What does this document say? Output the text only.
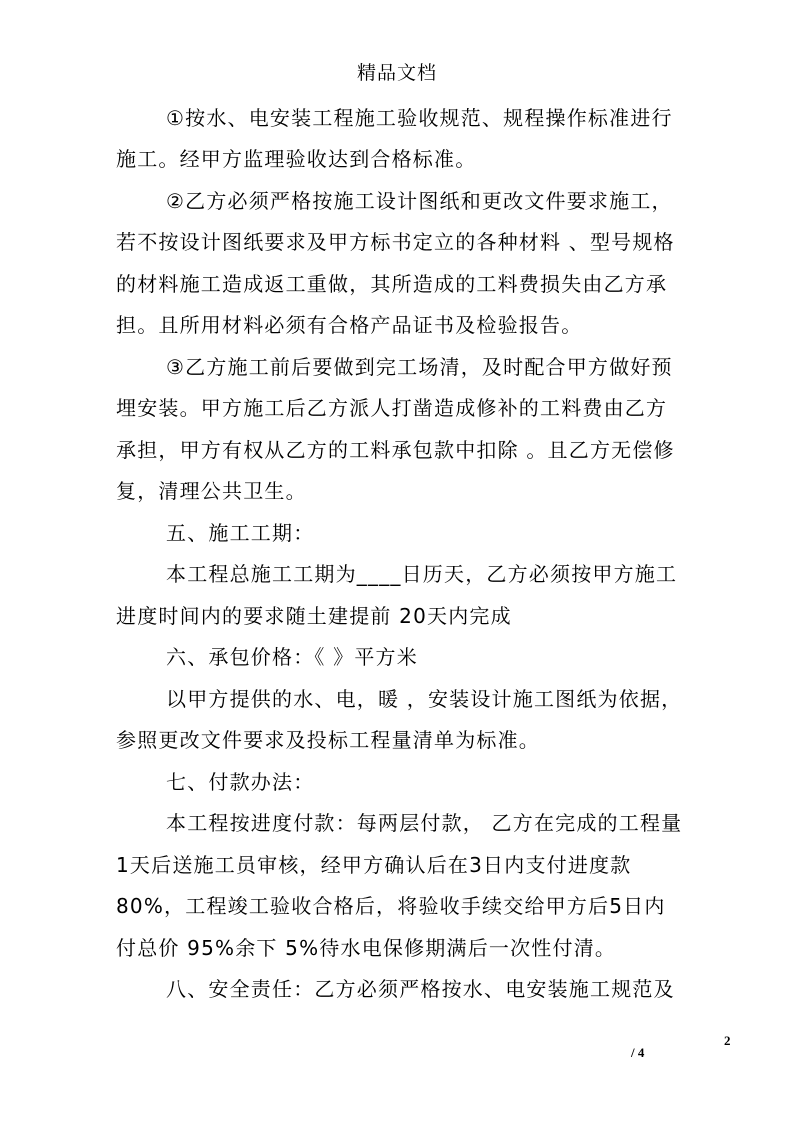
精品文档
①按水、电安装工程施工验收规范、规程操作标准进行
施工。经甲方监理验收达到合格标准。
②乙方必须严格按施工设计图纸和更改文件要求施工，
若不按设计图纸要求及甲方标书定立的各种材料 、型号规格
的材料施工造成返工重做，其所造成的工料费损失由乙方承
担。且所用材料必须有合格产品证书及检验报告。
③乙方施工前后要做到完工场清，及时配合甲方做好预
埋安装。甲方施工后乙方派人打凿造成修补的工料费由乙方
承担，甲方有权从乙方的工料承包款中扣除 。且乙方无偿修
复，清理公共卫生。
五、施工工期：
本工程总施工工期为____日历天，乙方必须按甲方施工
进度时间内的要求随土建提前 20天内完成
六、承包价格：《 》平方米
以甲方提供的水、电，暖 ，安装设计施工图纸为依据，
参照更改文件要求及投标工程量清单为标准。
七、付款办法：
本工程按进度付款：每两层付款， 乙方在完成的工程量
1天后送施工员审核，经甲方确认后在3日内支付进度款
80%，工程竣工验收合格后，将验收手续交给甲方后5日内
付总价 95%余下 5%待水电保修期满后一次性付清。
八、安全责任：乙方必须严格按水、电安装施工规范及
2
/ 4
